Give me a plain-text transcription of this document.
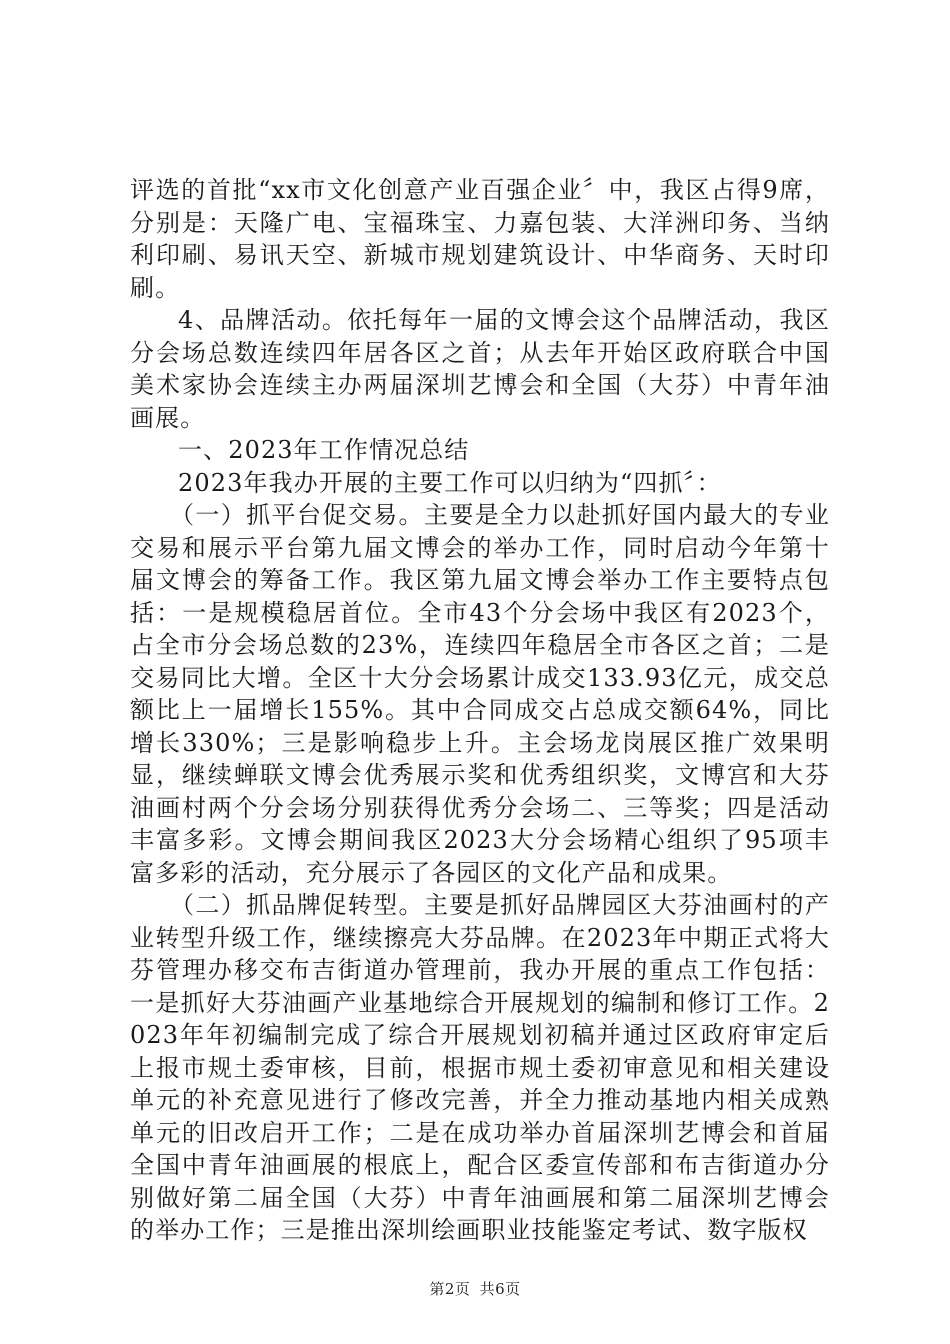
评选的首批“xx市文化创意产业百强企业〞中，我区占得9席，分别是：天隆广电、宝福珠宝、力嘉包装、大洋洲印务、当纳利印刷、易讯天空、新城市规划建筑设计、中华商务、天时印刷。

4、品牌活动。依托每年一届的文博会这个品牌活动，我区分会场总数连续四年居各区之首；从去年开始区政府联合中国美术家协会连续主办两届深圳艺博会和全国（大芬）中青年油画展。

一、2023年工作情况总结

2023年我办开展的主要工作可以归纳为“四抓〞：

（一）抓平台促交易。主要是全力以赴抓好国内最大的专业交易和展示平台第九届文博会的举办工作，同时启动今年第十届文博会的筹备工作。我区第九届文博会举办工作主要特点包括：一是规模稳居首位。全市43个分会场中我区有2023个，占全市分会场总数的23%，连续四年稳居全市各区之首；二是交易同比大增。全区十大分会场累计成交133.93亿元，成交总额比上一届增长155%。其中合同成交占总成交额64%，同比增长330%；三是影响稳步上升。主会场龙岗展区推广效果明显，继续蝉联文博会优秀展示奖和优秀组织奖，文博宫和大芬油画村两个分会场分别获得优秀分会场二、三等奖；四是活动丰富多彩。文博会期间我区2023大分会场精心组织了95项丰富多彩的活动，充分展示了各园区的文化产品和成果。

（二）抓品牌促转型。主要是抓好品牌园区大芬油画村的产业转型升级工作，继续擦亮大芬品牌。在2023年中期正式将大芬管理办移交布吉街道办管理前，我办开展的重点工作包括：一是抓好大芬油画产业基地综合开展规划的编制和修订工作。2023年年初编制完成了综合开展规划初稿并通过区政府审定后上报市规土委审核，目前，根据市规土委初审意见和相关建设单元的补充意见进行了修改完善，并全力推动基地内相关成熟单元的旧改启开工作；二是在成功举办首届深圳艺博会和首届全国中青年油画展的根底上，配合区委宣传部和布吉街道办分别做好第二届全国（大芬）中青年油画展和第二届深圳艺博会的举办工作；三是推出深圳绘画职业技能鉴定考试、数字版权

第2页 共6页
